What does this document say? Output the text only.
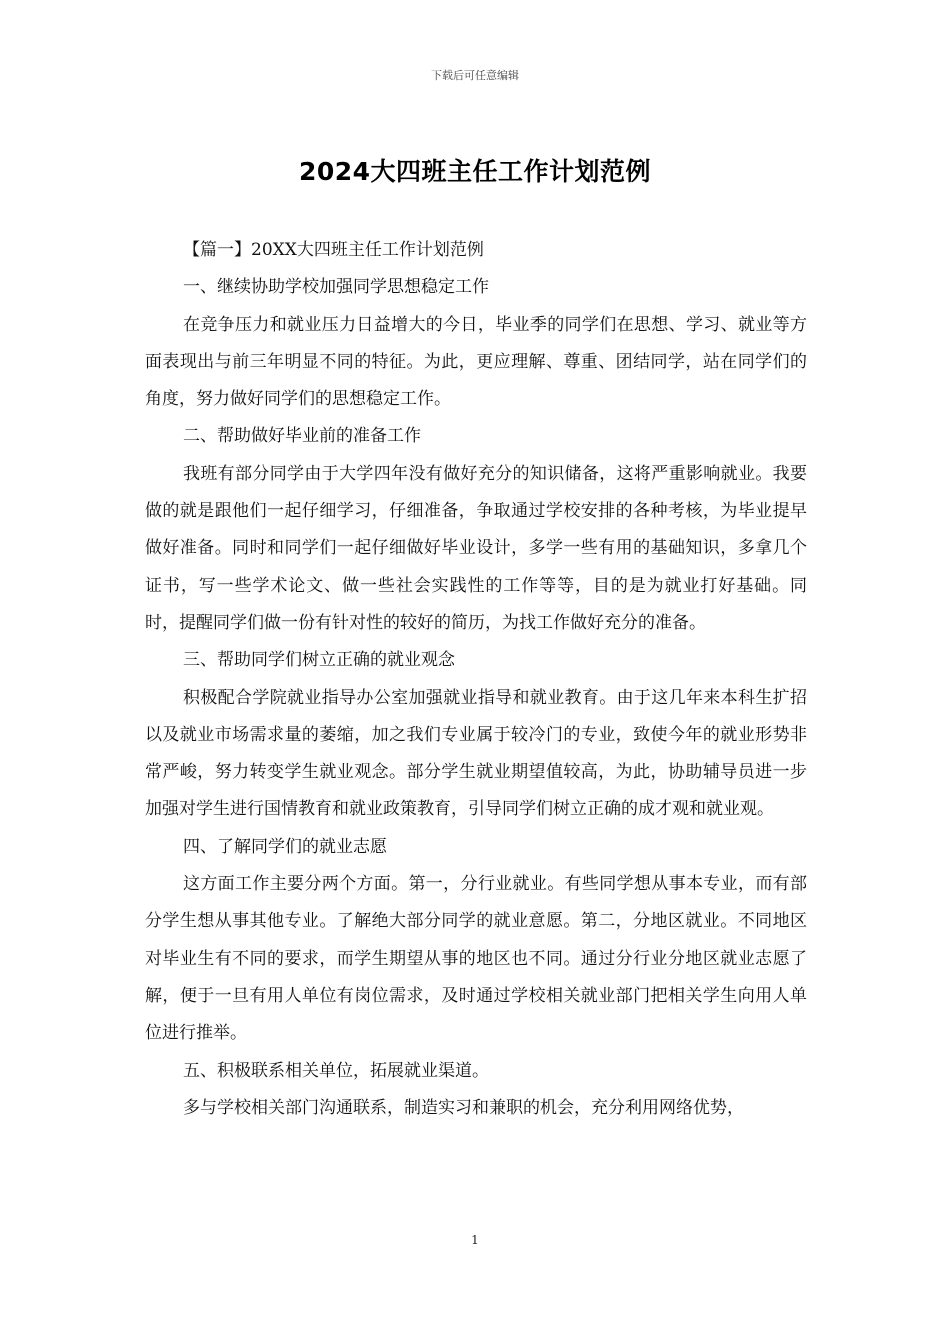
下载后可任意编辑
2024大四班主任工作计划范例

【篇一】20XX大四班主任工作计划范例

一、继续协助学校加强同学思想稳定工作

在竞争压力和就业压力日益增大的今日，毕业季的同学们在思想、学习、就业等方面表现出与前三年明显不同的特征。为此，更应理解、尊重、团结同学，站在同学们的角度，努力做好同学们的思想稳定工作。

二、帮助做好毕业前的准备工作

我班有部分同学由于大学四年没有做好充分的知识储备，这将严重影响就业。我要做的就是跟他们一起仔细学习，仔细准备，争取通过学校安排的各种考核，为毕业提早做好准备。同时和同学们一起仔细做好毕业设计，多学一些有用的基础知识，多拿几个证书，写一些学术论文、做一些社会实践性的工作等等，目的是为就业打好基础。同时，提醒同学们做一份有针对性的较好的简历，为找工作做好充分的准备。

三、帮助同学们树立正确的就业观念

积极配合学院就业指导办公室加强就业指导和就业教育。由于这几年来本科生扩招以及就业市场需求量的萎缩，加之我们专业属于较冷门的专业，致使今年的就业形势非常严峻，努力转变学生就业观念。部分学生就业期望值较高，为此，协助辅导员进一步加强对学生进行国情教育和就业政策教育，引导同学们树立正确的成才观和就业观。

四、了解同学们的就业志愿

这方面工作主要分两个方面。第一，分行业就业。有些同学想从事本专业，而有部分学生想从事其他专业。了解绝大部分同学的就业意愿。第二，分地区就业。不同地区对毕业生有不同的要求，而学生期望从事的地区也不同。通过分行业分地区就业志愿了解，便于一旦有用人单位有岗位需求，及时通过学校相关就业部门把相关学生向用人单位进行推举。

五、积极联系相关单位，拓展就业渠道。

多与学校相关部门沟通联系，制造实习和兼职的机会，充分利用网络优势，

1
